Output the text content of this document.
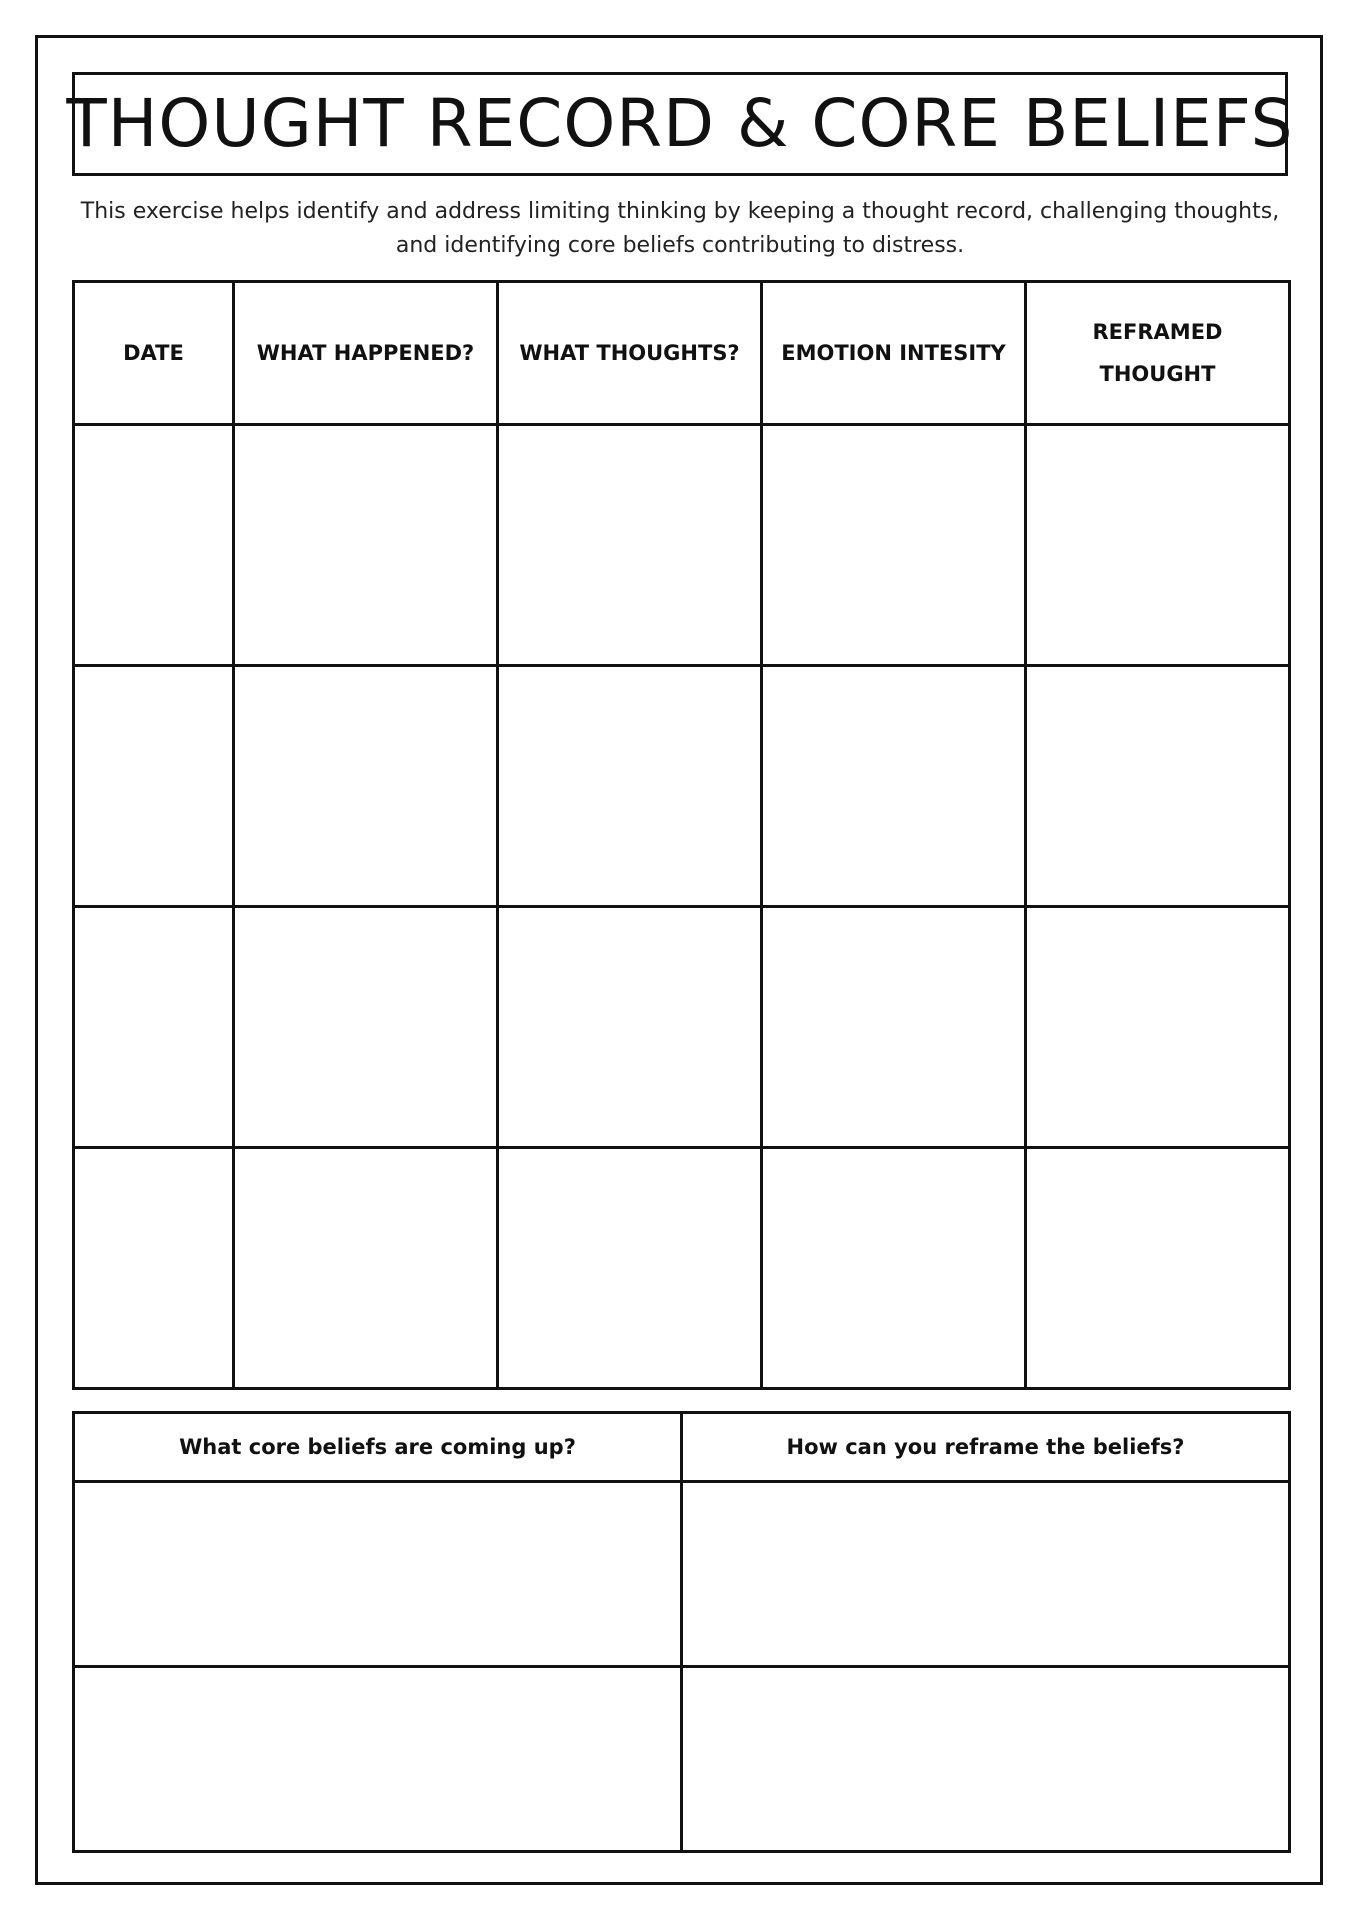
THOUGHT RECORD & CORE BELIEFS
This exercise helps identify and address limiting thinking by keeping a thought record, challenging thoughts, and identifying core beliefs contributing to distress.
DATE	WHAT HAPPENED?	WHAT THOUGHTS?	EMOTION INTESITY	REFRAMED THOUGHT

What core beliefs are coming up?	How can you reframe the beliefs?
